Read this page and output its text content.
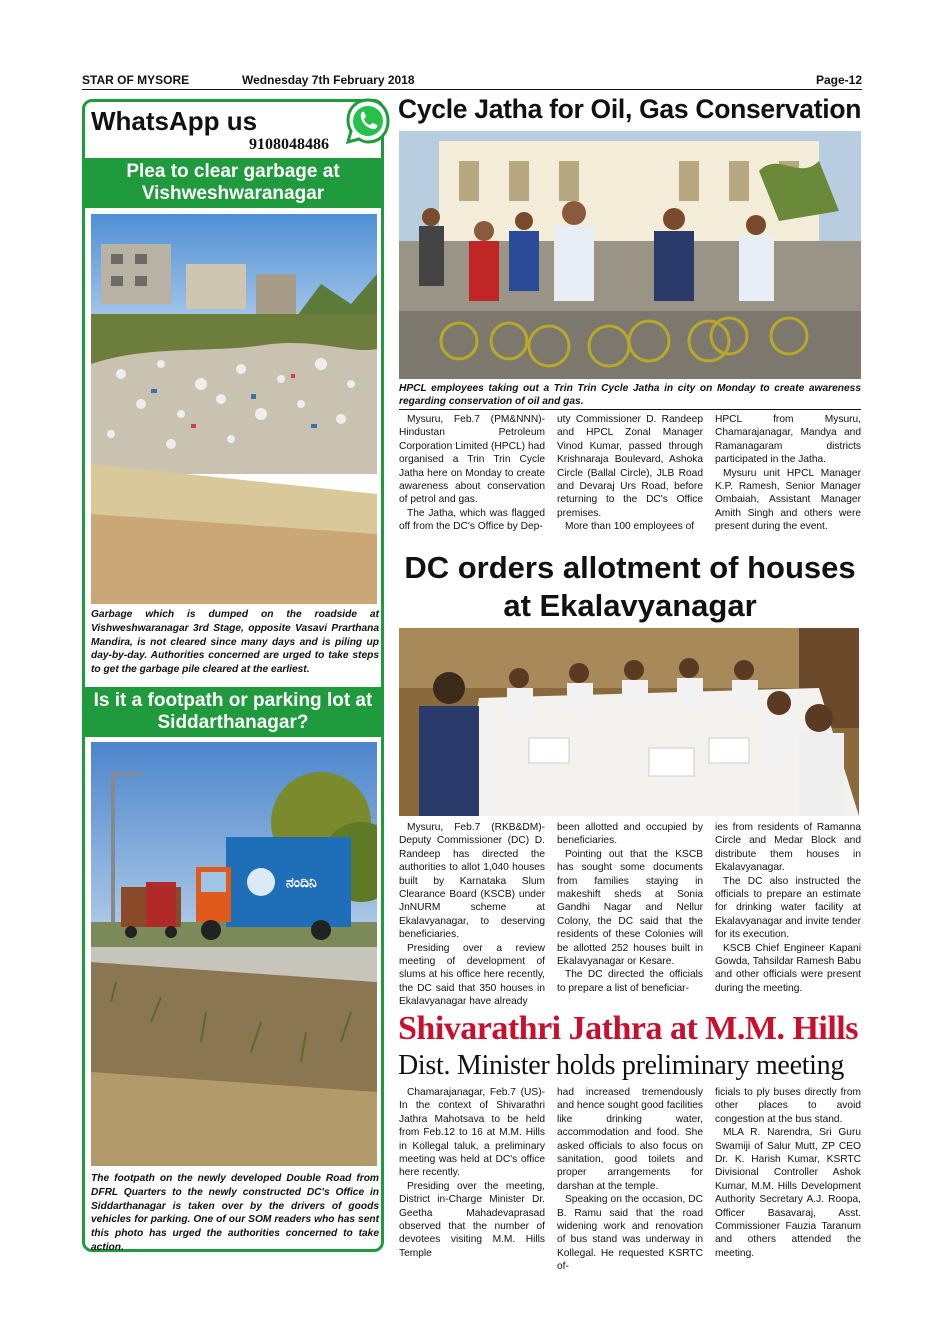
STAR OF MYSORE	Wednesday 7th February 2018	Page-12
WhatsApp us
9108048486
Plea to clear garbage at Vishweshwaranagar
Garbage which is dumped on the roadside at Vishweshwaranagar 3rd Stage, opposite Vasavi Prarthana Mandira, is not cleared since many days and is piling up day-by-day. Authorities concerned are urged to take steps to get the garbage pile cleared at the earliest.
Is it a footpath or parking lot at Siddarthanagar?
ನಂದಿನಿ
The footpath on the newly developed Double Road from DFRL Quarters to the newly constructed DC's Office in Siddarthanagar is taken over by the drivers of goods vehicles for parking. One of our SOM readers who has sent this photo has urged the authorities concerned to take action.
Cycle Jatha for Oil, Gas Conservation
HPCL employees taking out a Trin Trin Cycle Jatha in city on Monday to create awareness regarding conservation of oil and gas.

Mysuru, Feb.7 (PM&NNN)- Hindustan Petroleum Corporation Limited (HPCL) had organised a Trin Trin Cycle Jatha here on Monday to create awareness about conservation of petrol and gas.

The Jatha, which was flagged off from the DC's Office by Dep-

uty Commissioner D. Randeep and HPCL Zonal Manager Vinod Kumar, passed through Krishnaraja Boulevard, Ashoka Circle (Ballal Circle), JLB Road and Devaraj Urs Road, before returning to the DC's Office premises.

More than 100 employees of

HPCL from Mysuru, Chamarajanagar, Mandya and Ramanagaram districts participated in the Jatha.

Mysuru unit HPCL Manager K.P. Ramesh, Senior Manager Ombaiah, Assistant Manager Amith Singh and others were present during the event.

DC orders allotment of houses
at Ekalavyanagar

Mysuru, Feb.7 (RKB&DM)- Deputy Commissioner (DC) D. Randeep has directed the authorities to allot 1,040 houses built by Karnataka Slum Clearance Board (KSCB) under JnNURM scheme at Ekalavyanagar, to deserving beneficiaries.

Presiding over a review meeting of development of slums at his office here recently, the DC said that 350 houses in Ekalavyanagar have already

been allotted and occupied by beneficiaries.

Pointing out that the KSCB has sought some documents from families staying in makeshift sheds at Sonia Gandhi Nagar and Nellur Colony, the DC said that the residents of these Colonies will be allotted 252 houses built in Ekalavyanagar or Kesare.

The DC directed the officials to prepare a list of beneficiar-

ies from residents of Ramanna Circle and Medar Block and distribute them houses in Ekalavyanagar.

The DC also instructed the officials to prepare an estimate for drinking water facility at Ekalavyanagar and invite tender for its execution.

KSCB Chief Engineer Kapani Gowda, Tahsildar Ramesh Babu and other officials were present during the meeting.

Shivarathri Jathra at M.M. Hills
Dist. Minister holds preliminary meeting

Chamarajanagar, Feb.7 (US)- In the context of Shivarathri Jathra Mahotsava to be held from Feb.12 to 16 at M.M. Hills in Kollegal taluk, a preliminary meeting was held at DC's office here recently.

Presiding over the meeting, District in-Charge Minister Dr. Geetha Mahadevaprasad observed that the number of devotees visiting M.M. Hills Temple

had increased tremendously and hence sought good facilities like drinking water, accommodation and food. She asked officials to also focus on sanitation, good toilets and proper arrangements for darshan at the temple.

Speaking on the occasion, DC B. Ramu said that the road widening work and renovation of bus stand was underway in Kollegal. He requested KSRTC of-

ficials to ply buses directly from other places to avoid congestion at the bus stand.

MLA R. Narendra, Sri Guru Swamiji of Salur Mutt, ZP CEO Dr. K. Harish Kumar, KSRTC Divisional Controller Ashok Kumar, M.M. Hills Development Authority Secretary A.J. Roopa, Officer Basavaraj, Asst. Commissioner Fauzia Taranum and others attended the meeting.
